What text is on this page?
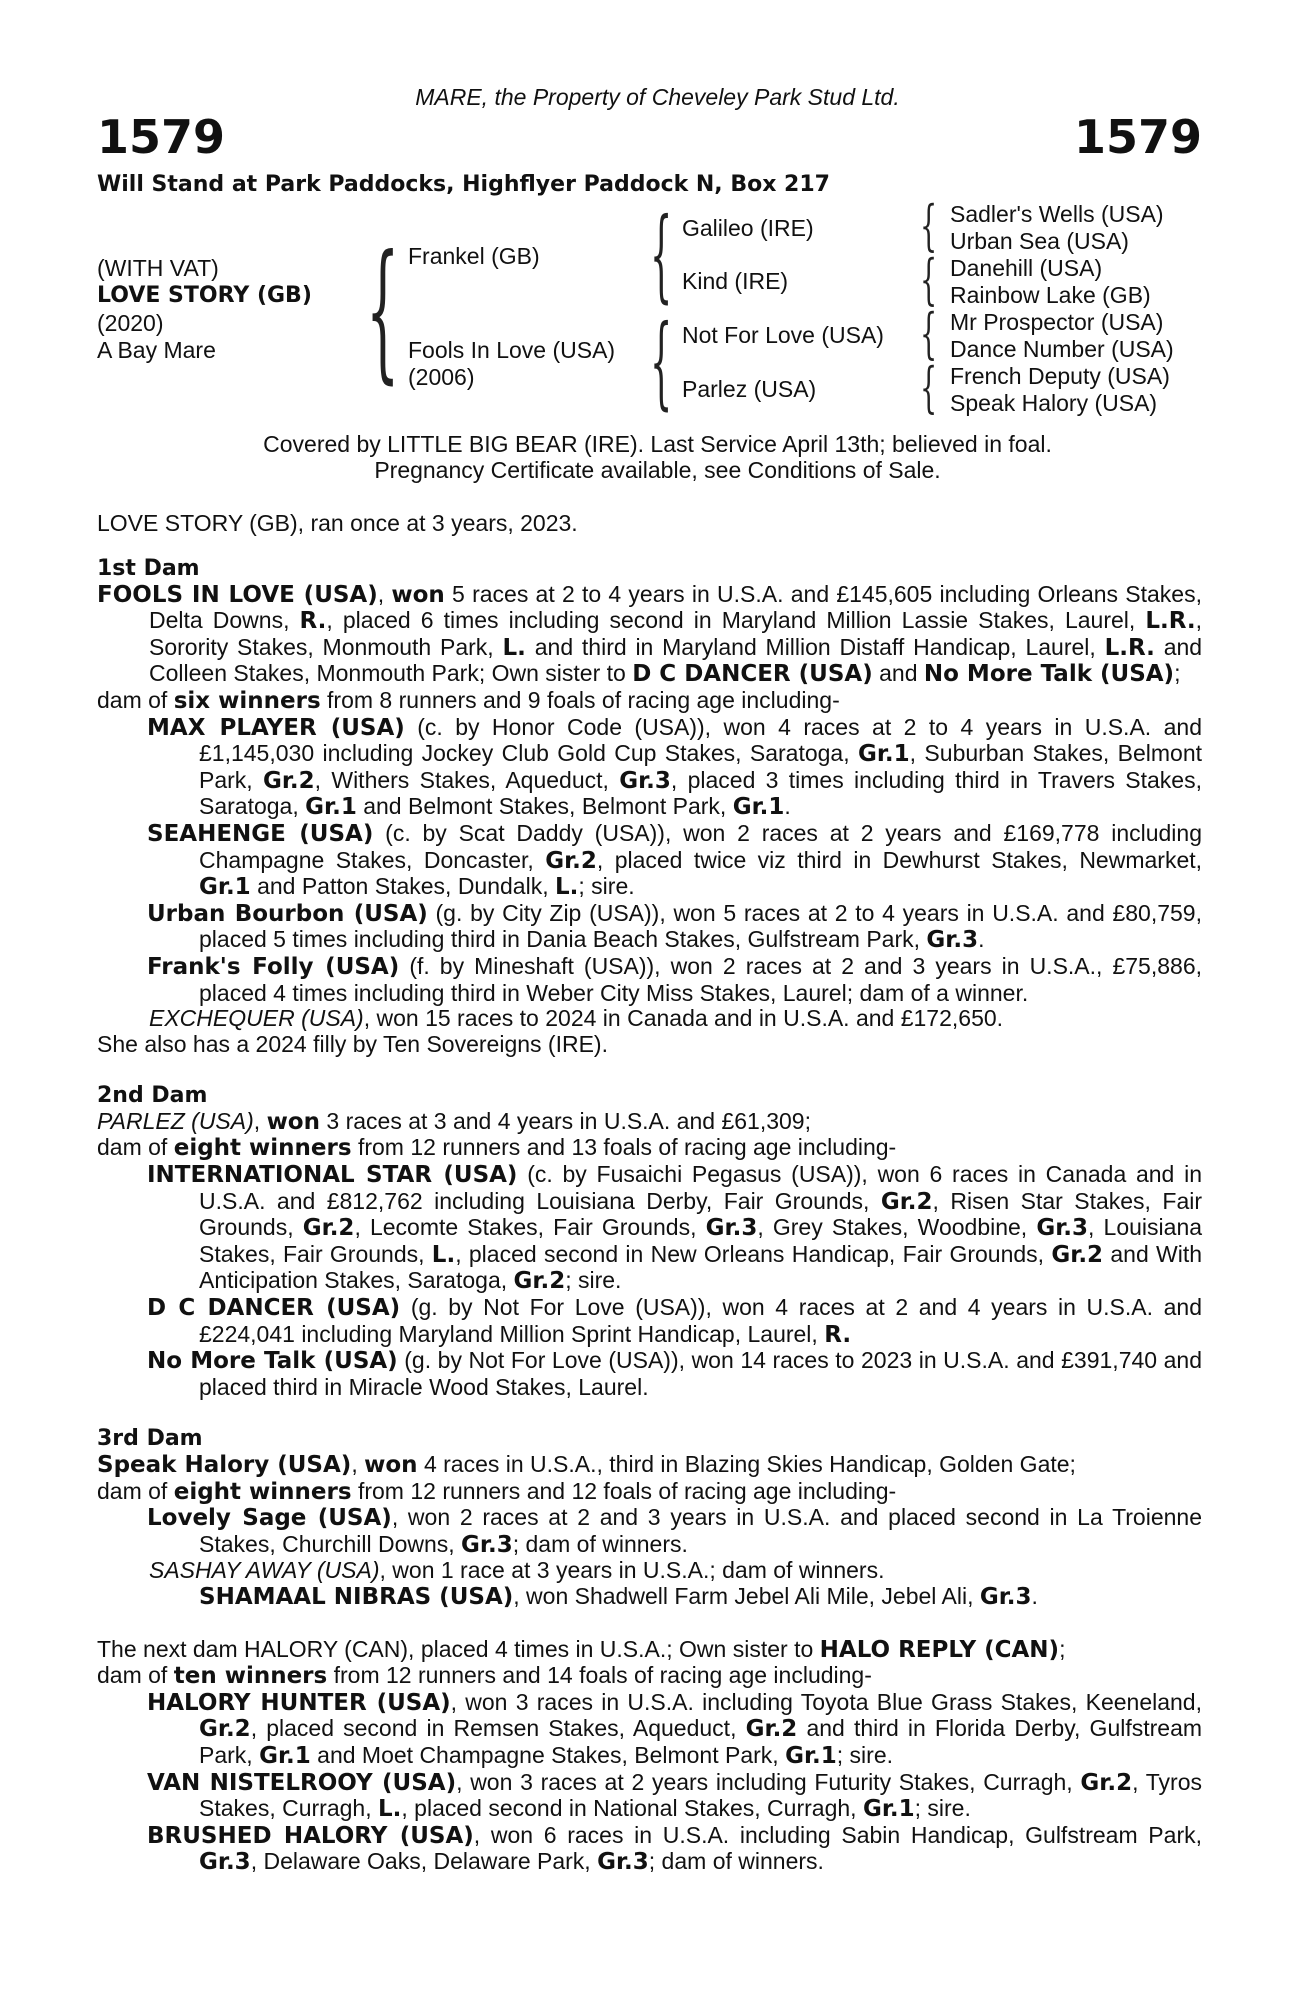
MARE, the Property of Cheveley Park Stud Ltd.
1579	1579
Will Stand at Park Paddocks, Highflyer Paddock N, Box 217
(WITH VAT)
LOVE STORY (GB)
(2020)
A Bay Mare { Frankel (GB)
Fools In Love (USA)
(2006)
{ Galileo (IRE)
Kind (IRE)
{ Not For Love (USA)
Parlez (USA)
{ Sadler's Wells (USA)
Urban Sea (USA)
{ Danehill (USA)
Rainbow Lake (GB)
{ Mr Prospector (USA)
Dance Number (USA)
{ French Deputy (USA)
Speak Halory (USA)
Covered by LITTLE BIG BEAR (IRE). Last Service April 13th; believed in foal.
Pregnancy Certificate available, see Conditions of Sale.
LOVE STORY (GB), ran once at 3 years, 2023.

1st Dam

FOOLS IN LOVE (USA), won 5 races at 2 to 4 years in U.S.A. and £145,605 including Orleans Stakes, Delta Downs, R., placed 6 times including second in Maryland Million Lassie Stakes, Laurel, L.R., Sorority Stakes, Monmouth Park, L. and third in Maryland Million Distaff Handicap, Laurel, L.R. and Colleen Stakes, Monmouth Park; Own sister to D C DANCER (USA) and No More Talk (USA);

dam of six winners from 8 runners and 9 foals of racing age including-

MAX PLAYER (USA) (c. by Honor Code (USA)), won 4 races at 2 to 4 years in U.S.A. and £1,145,030 including Jockey Club Gold Cup Stakes, Saratoga, Gr.1, Suburban Stakes, Belmont Park, Gr.2, Withers Stakes, Aqueduct, Gr.3, placed 3 times including third in Travers Stakes, Saratoga, Gr.1 and Belmont Stakes, Belmont Park, Gr.1.

SEAHENGE (USA) (c. by Scat Daddy (USA)), won 2 races at 2 years and £169,778 including Champagne Stakes, Doncaster, Gr.2, placed twice viz third in Dewhurst Stakes, Newmarket, Gr.1 and Patton Stakes, Dundalk, L.; sire.

Urban Bourbon (USA) (g. by City Zip (USA)), won 5 races at 2 to 4 years in U.S.A. and £80,759, placed 5 times including third in Dania Beach Stakes, Gulfstream Park, Gr.3.

Frank's Folly (USA) (f. by Mineshaft (USA)), won 2 races at 2 and 3 years in U.S.A., £75,886, placed 4 times including third in Weber City Miss Stakes, Laurel; dam of a winner.

EXCHEQUER (USA), won 15 races to 2024 in Canada and in U.S.A. and £172,650.

She also has a 2024 filly by Ten Sovereigns (IRE).

2nd Dam

PARLEZ (USA), won 3 races at 3 and 4 years in U.S.A. and £61,309;

dam of eight winners from 12 runners and 13 foals of racing age including-

INTERNATIONAL STAR (USA) (c. by Fusaichi Pegasus (USA)), won 6 races in Canada and in U.S.A. and £812,762 including Louisiana Derby, Fair Grounds, Gr.2, Risen Star Stakes, Fair Grounds, Gr.2, Lecomte Stakes, Fair Grounds, Gr.3, Grey Stakes, Woodbine, Gr.3, Louisiana Stakes, Fair Grounds, L., placed second in New Orleans Handicap, Fair Grounds, Gr.2 and With Anticipation Stakes, Saratoga, Gr.2; sire.

D C DANCER (USA) (g. by Not For Love (USA)), won 4 races at 2 and 4 years in U.S.A. and £224,041 including Maryland Million Sprint Handicap, Laurel, R.

No More Talk (USA) (g. by Not For Love (USA)), won 14 races to 2023 in U.S.A. and £391,740 and placed third in Miracle Wood Stakes, Laurel.

3rd Dam

Speak Halory (USA), won 4 races in U.S.A., third in Blazing Skies Handicap, Golden Gate;

dam of eight winners from 12 runners and 12 foals of racing age including-

Lovely Sage (USA), won 2 races at 2 and 3 years in U.S.A. and placed second in La Troienne Stakes, Churchill Downs, Gr.3; dam of winners.

SASHAY AWAY (USA), won 1 race at 3 years in U.S.A.; dam of winners.

SHAMAAL NIBRAS (USA), won Shadwell Farm Jebel Ali Mile, Jebel Ali, Gr.3.

The next dam HALORY (CAN), placed 4 times in U.S.A.; Own sister to HALO REPLY (CAN);

dam of ten winners from 12 runners and 14 foals of racing age including-

HALORY HUNTER (USA), won 3 races in U.S.A. including Toyota Blue Grass Stakes, Keeneland, Gr.2, placed second in Remsen Stakes, Aqueduct, Gr.2 and third in Florida Derby, Gulfstream Park, Gr.1 and Moet Champagne Stakes, Belmont Park, Gr.1; sire.

VAN NISTELROOY (USA), won 3 races at 2 years including Futurity Stakes, Curragh, Gr.2, Tyros Stakes, Curragh, L., placed second in National Stakes, Curragh, Gr.1; sire.

BRUSHED HALORY (USA), won 6 races in U.S.A. including Sabin Handicap, Gulfstream Park, Gr.3, Delaware Oaks, Delaware Park, Gr.3; dam of winners.
